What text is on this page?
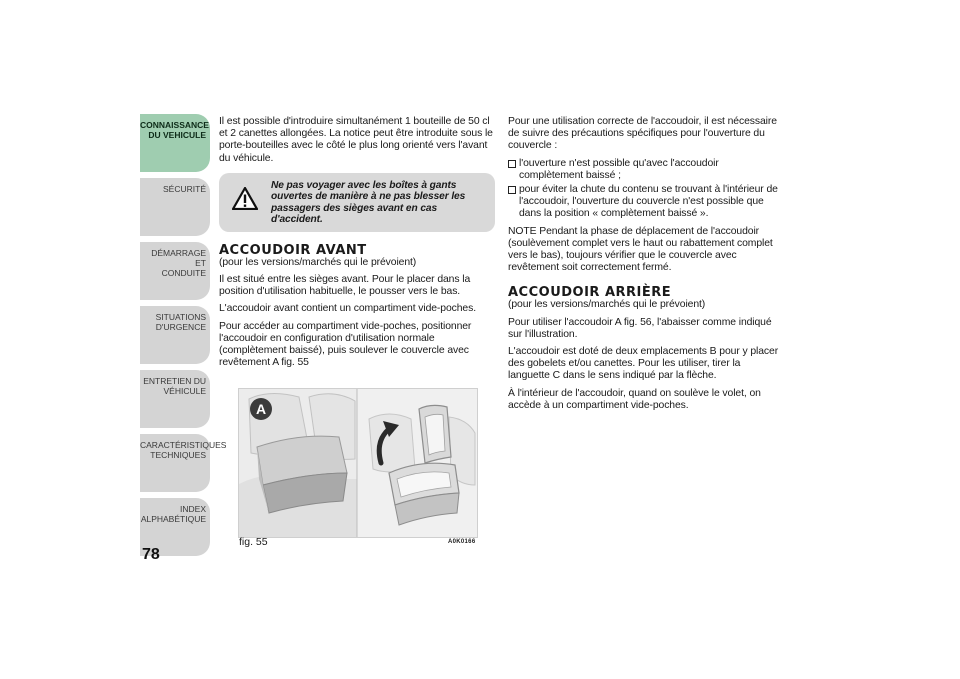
CONNAISSANCE
DU VEHICULE
SÉCURITÉ
DÉMARRAGE ET
CONDUITE
SITUATIONS
D'URGENCE
ENTRETIEN DU
VÉHICULE
CARACTÉRISTIQUES
TECHNIQUES
INDEX
ALPHABÉTIQUE
78

Il est possible d'introduire simultanément 1 bouteille de 50 cl et 2 canettes allongées. La notice peut être introduite sous le porte-bouteilles avec le côté le plus long orienté vers l'avant du véhicule.

Ne pas voyager avec les boîtes à gants ouvertes de manière à ne pas blesser les passagers des sièges avant en cas d'accident.
ACCOUDOIR AVANT

(pour les versions/marchés qui le prévoient)

Il est situé entre les sièges avant. Pour le placer dans la position d'utilisation habituelle, le pousser vers le bas.

L'accoudoir avant contient un compartiment vide-poches.

Pour accéder au compartiment vide-poches, positionner l'accoudoir en configuration d'utilisation normale (complètement baissé), puis soulever le couvercle avec revêtement A fig. 55

A
fig. 55	A0K0166

Pour une utilisation correcte de l'accoudoir, il est nécessaire de suivre des précautions spécifiques pour l'ouverture du couvercle :

l'ouverture n'est possible qu'avec l'accoudoir complètement baissé ;
pour éviter la chute du contenu se trouvant à l'intérieur de l'accoudoir, l'ouverture du couvercle n'est possible que dans la position « complètement baissé ».

NOTE Pendant la phase de déplacement de l'accoudoir (soulèvement complet vers le haut ou rabattement complet vers le bas), toujours vérifier que le couvercle avec revêtement soit correctement fermé.

ACCOUDOIR ARRIÈRE

(pour les versions/marchés qui le prévoient)

Pour utiliser l'accoudoir A fig. 56, l'abaisser comme indiqué sur l'illustration.

L'accoudoir est doté de deux emplacements B pour y placer des gobelets et/ou canettes. Pour les utiliser, tirer la languette C dans le sens indiqué par la flèche.

À l'intérieur de l'accoudoir, quand on soulève le volet, on accède à un compartiment vide-poches.
